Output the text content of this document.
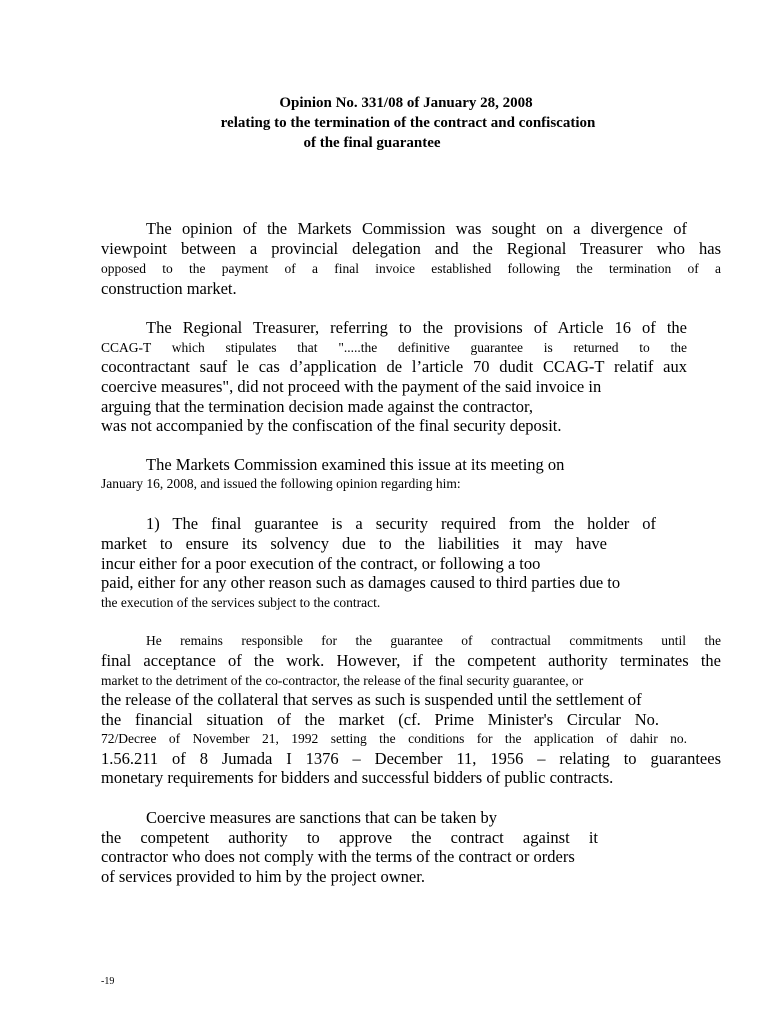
Opinion No. 331/08 of January 28, 2008

relating to the termination of the contract and confiscation

of the final guarantee

The opinion of the Markets Commission was sought on a divergence of

viewpoint between a provincial delegation and the Regional Treasurer who has

opposed to the payment of a final invoice established following the termination of a

construction market.

The Regional Treasurer, referring to the provisions of Article 16 of the

CCAG-T which stipulates that ".....the definitive guarantee is returned to the

cocontractant sauf le cas d’application de l’article 70 dudit CCAG-T relatif aux

coercive measures", did not proceed with the payment of the said invoice in

arguing that the termination decision made against the contractor,

was not accompanied by the confiscation of the final security deposit.

The Markets Commission examined this issue at its meeting on

January 16, 2008, and issued the following opinion regarding him:

1) The final guarantee is a security required from the holder of

market to ensure its solvency due to the liabilities it may have

incur either for a poor execution of the contract, or following a too

paid, either for any other reason such as damages caused to third parties due to

the execution of the services subject to the contract.

He remains responsible for the guarantee of contractual commitments until the

final acceptance of the work. However, if the competent authority terminates the

market to the detriment of the co-contractor, the release of the final security guarantee, or

the release of the collateral that serves as such is suspended until the settlement of

the financial situation of the market (cf. Prime Minister's Circular No.

72/Decree of November 21, 1992 setting the conditions for the application of dahir no.

1.56.211 of 8 Jumada I 1376 – December 11, 1956 – relating to guarantees

monetary requirements for bidders and successful bidders of public contracts.

Coercive measures are sanctions that can be taken by

the competent authority to approve the contract against it

contractor who does not comply with the terms of the contract or orders

of services provided to him by the project owner.

-19
